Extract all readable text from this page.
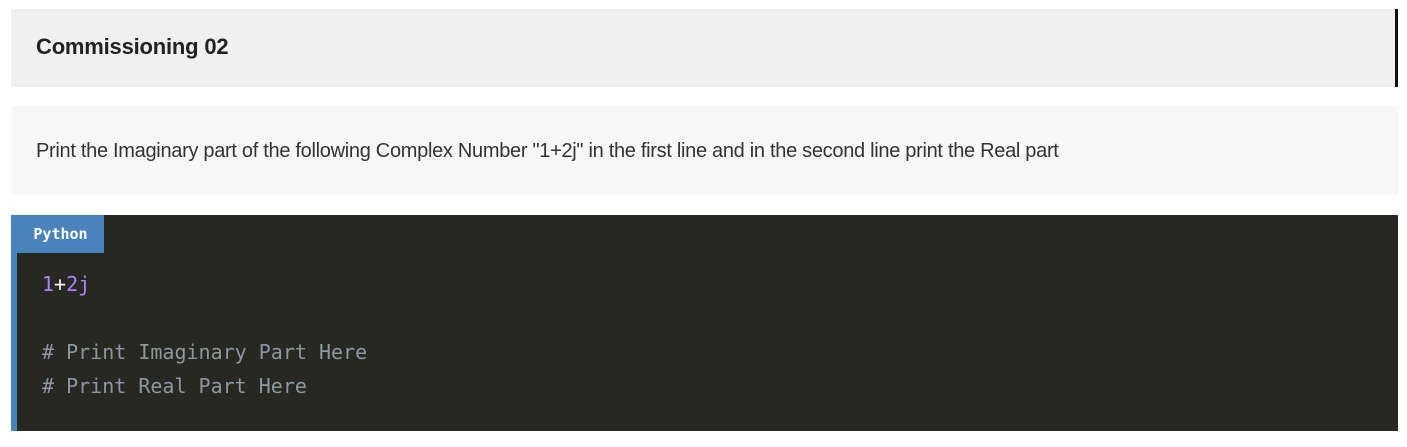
Commissioning 02
Print the Imaginary part of the following Complex Number "1+2j" in the first line and in the second line print the Real part
Python
1+2j

# Print Imaginary Part Here
# Print Real Part Here
